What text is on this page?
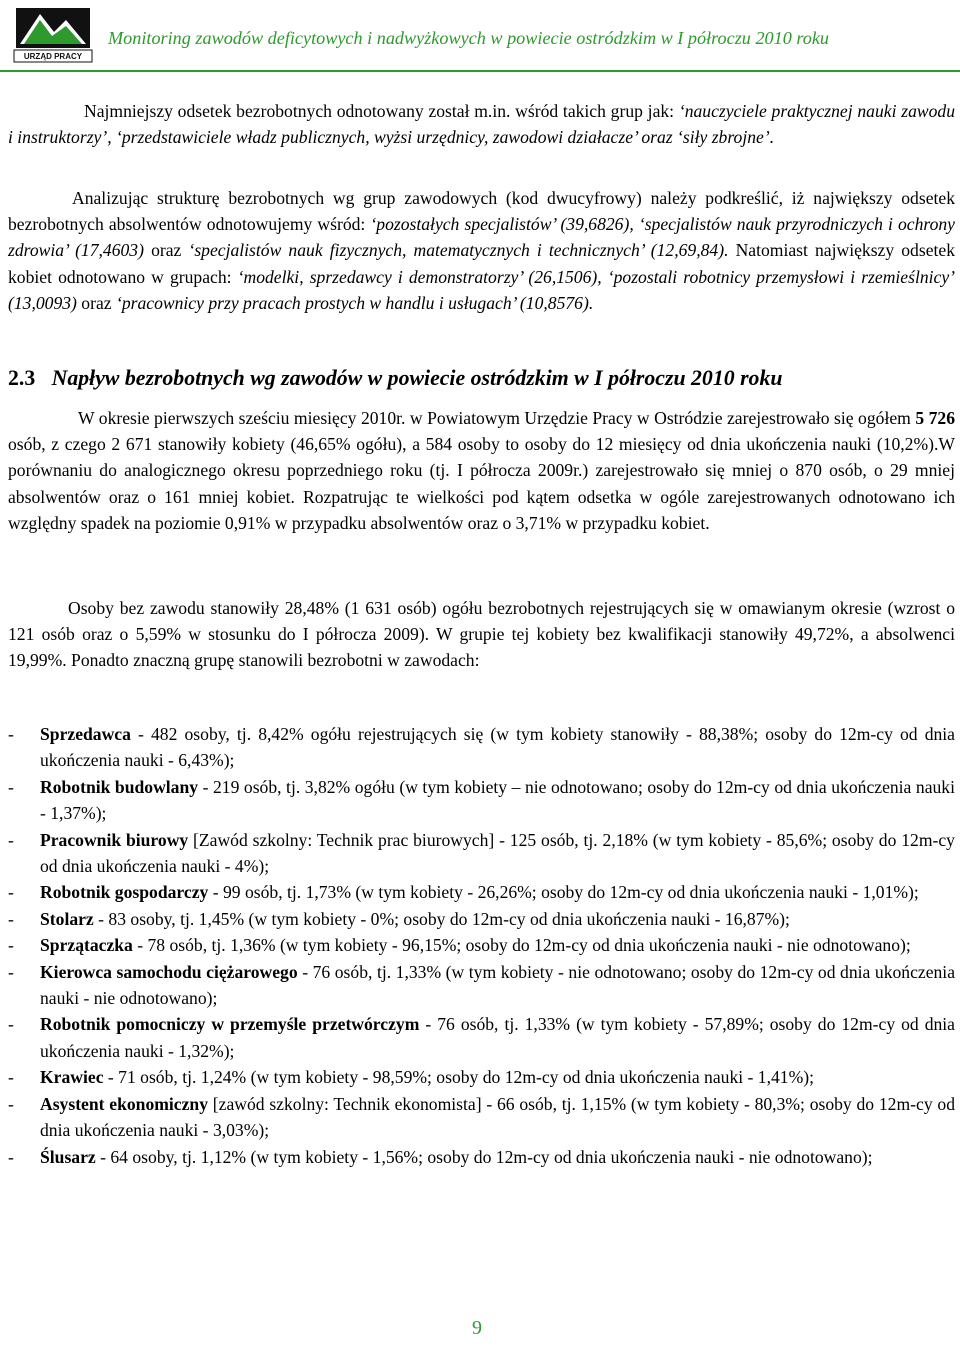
URZĄD PRACY
Monitoring zawodów deficytowych i nadwyżkowych w powiecie ostródzkim w I półroczu 2010 roku

Najmniejszy odsetek bezrobotnych odnotowany został m.in. wśród takich grup jak: ‘nauczyciele praktycznej nauki zawodu i instruktorzy’, ‘przedstawiciele władz publicznych, wyżsi urzędnicy, zawodowi działacze’ oraz ‘siły zbrojne’.

Analizując strukturę bezrobotnych wg grup zawodowych (kod dwucyfrowy) należy podkreślić, iż największy odsetek bezrobotnych absolwentów odnotowujemy wśród: ‘pozostałych specjalistów’ (39,6826), ‘specjalistów nauk przyrodniczych i ochrony zdrowia’ (17,4603) oraz ‘specjalistów nauk fizycznych, matematycznych i technicznych’ (12,69,84). Natomiast największy odsetek kobiet odnotowano w grupach: ‘modelki, sprzedawcy i demonstratorzy’ (26,1506), ‘pozostali robotnicy przemysłowi i rzemieślnicy’ (13,0093) oraz ‘pracownicy przy pracach prostych w handlu i usługach’ (10,8576).

2.3 Napływ bezrobotnych wg zawodów w powiecie ostródzkim w I półroczu 2010 roku

W okresie pierwszych sześciu miesięcy 2010r. w Powiatowym Urzędzie Pracy w Ostródzie zarejestrowało się ogółem 5 726 osób, z czego 2 671 stanowiły kobiety (46,65% ogółu), a 584 osoby to osoby do 12 miesięcy od dnia ukończenia nauki (10,2%).W porównaniu do analogicznego okresu poprzedniego roku (tj. I półrocza 2009r.) zarejestrowało się mniej o 870 osób, o 29 mniej absolwentów oraz o 161 mniej kobiet. Rozpatrując te wielkości pod kątem odsetka w ogóle zarejestrowanych odnotowano ich względny spadek na poziomie 0,91% w przypadku absolwentów oraz o 3,71% w przypadku kobiet.

Osoby bez zawodu stanowiły 28,48% (1 631 osób) ogółu bezrobotnych rejestrujących się w omawianym okresie (wzrost o 121 osób oraz o 5,59% w stosunku do I półrocza 2009). W grupie tej kobiety bez kwalifikacji stanowiły 49,72%, a absolwenci 19,99%. Ponadto znaczną grupę stanowili bezrobotni w zawodach:

- Sprzedawca - 482 osoby, tj. 8,42% ogółu rejestrujących się (w tym kobiety stanowiły - 88,38%; osoby do 12m-cy od dnia ukończenia nauki - 6,43%);
- Robotnik budowlany - 219 osób, tj. 3,82% ogółu (w tym kobiety – nie odnotowano; osoby do 12m-cy od dnia ukończenia nauki - 1,37%);
- Pracownik biurowy [Zawód szkolny: Technik prac biurowych] - 125 osób, tj. 2,18% (w tym kobiety - 85,6%; osoby do 12m-cy od dnia ukończenia nauki - 4%);
- Robotnik gospodarczy - 99 osób, tj. 1,73% (w tym kobiety - 26,26%; osoby do 12m-cy od dnia ukończenia nauki - 1,01%);
- Stolarz - 83 osoby, tj. 1,45% (w tym kobiety - 0%; osoby do 12m-cy od dnia ukończenia nauki - 16,87%);
- Sprzątaczka - 78 osób, tj. 1,36% (w tym kobiety - 96,15%; osoby do 12m-cy od dnia ukończenia nauki - nie odnotowano);
- Kierowca samochodu ciężarowego - 76 osób, tj. 1,33% (w tym kobiety - nie odnotowano; osoby do 12m-cy od dnia ukończenia nauki - nie odnotowano);
- Robotnik pomocniczy w przemyśle przetwórczym - 76 osób, tj. 1,33% (w tym kobiety - 57,89%; osoby do 12m-cy od dnia ukończenia nauki - 1,32%);
- Krawiec - 71 osób, tj. 1,24% (w tym kobiety - 98,59%; osoby do 12m-cy od dnia ukończenia nauki - 1,41%);
- Asystent ekonomiczny [zawód szkolny: Technik ekonomista] - 66 osób, tj. 1,15% (w tym kobiety - 80,3%; osoby do 12m-cy od dnia ukończenia nauki - 3,03%);
- Ślusarz - 64 osoby, tj. 1,12% (w tym kobiety - 1,56%; osoby do 12m-cy od dnia ukończenia nauki - nie odnotowano);
9
